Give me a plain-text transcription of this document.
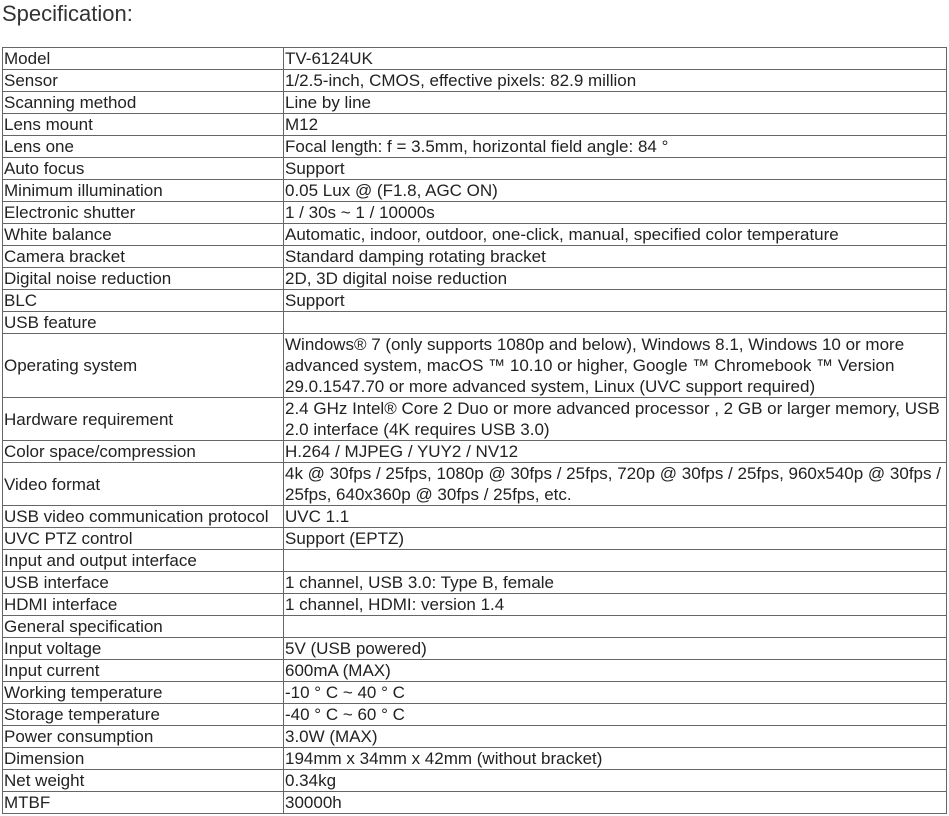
Specification:
Model	TV-6124UK
Sensor	1/2.5-inch, CMOS, effective pixels: 82.9 million
Scanning method	Line by line
Lens mount	M12
Lens one	Focal length: f = 3.5mm, horizontal field angle: 84 °
Auto focus	Support
Minimum illumination	0.05 Lux @ (F1.8, AGC ON)
Electronic shutter	1 / 30s ~ 1 / 10000s
White balance	Automatic, indoor, outdoor, one-click, manual, specified color temperature
Camera bracket	Standard damping rotating bracket
Digital noise reduction	2D, 3D digital noise reduction
BLC	Support
USB feature	
Operating system	Windows® 7 (only supports 1080p and below), Windows 8.1, Windows 10 or more advanced system, macOS ™ 10.10 or higher, Google ™ Chromebook ™ Version 29.0.1547.70 or more advanced system, Linux (UVC support required)
Hardware requirement	2.4 GHz Intel® Core 2 Duo or more advanced processor , 2 GB or larger memory, USB 2.0 interface (4K requires USB 3.0)
Color space/compression	H.264 / MJPEG / YUY2 / NV12
Video format	4k @ 30fps / 25fps, 1080p @ 30fps / 25fps, 720p @ 30fps / 25fps, 960x540p @ 30fps / 25fps, 640x360p @ 30fps / 25fps, etc.
USB video communication protocol	UVC 1.1
UVC PTZ control	Support (EPTZ)
Input and output interface	
USB interface	1 channel, USB 3.0: Type B, female
HDMI interface	1 channel, HDMI: version 1.4
General specification	
Input voltage	5V (USB powered)
Input current	600mA (MAX)
Working temperature	-10 ° C ~ 40 ° C
Storage temperature	-40 ° C ~ 60 ° C
Power consumption	3.0W (MAX)
Dimension	194mm x 34mm x 42mm (without bracket)
Net weight	0.34kg
MTBF	30000h
